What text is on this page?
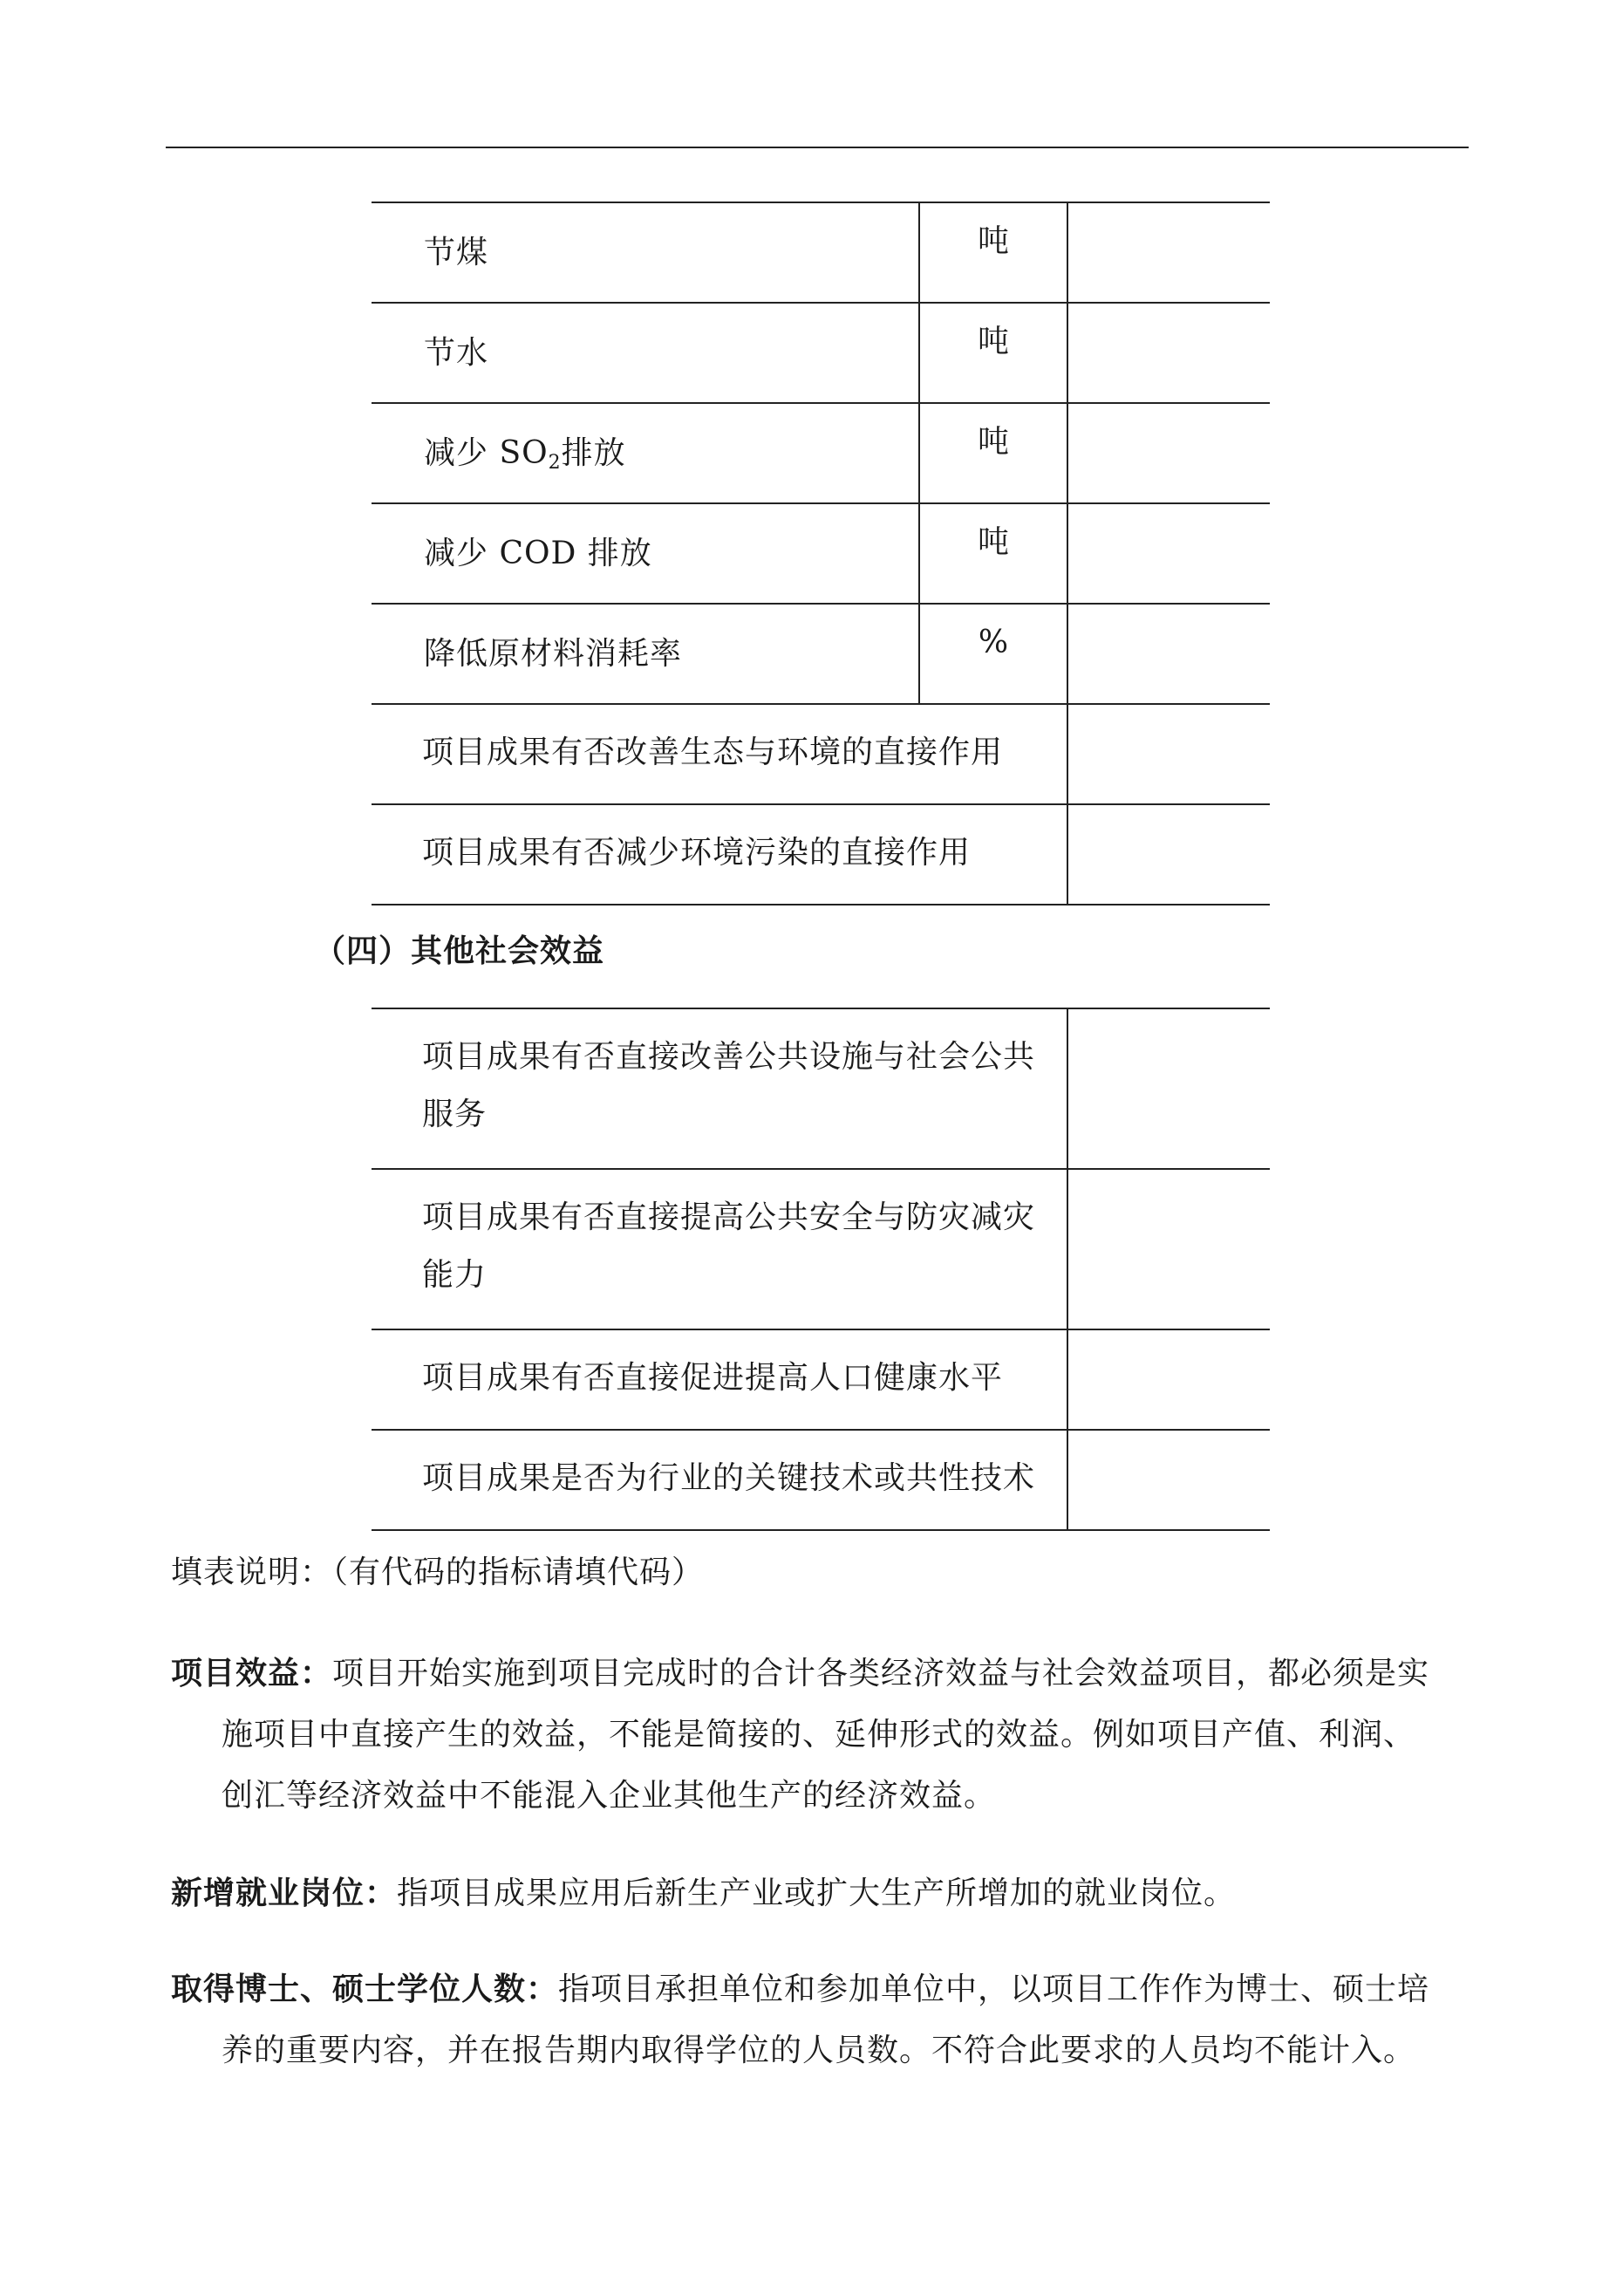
节煤	吨
节水	吨
减少 SO2排放	吨
减少 COD 排放	吨
降低原材料消耗率	%
项目成果有否改善生态与环境的直接作用
项目成果有否减少环境污染的直接作用
（四）其他社会效益
项目成果有否直接改善公共设施与社会公共
服务
项目成果有否直接提高公共安全与防灾减灾
能力
项目成果有否直接促进提高人口健康水平
项目成果是否为行业的关键技术或共性技术
填表说明：（有代码的指标请填代码）
项目效益：项目开始实施到项目完成时的合计各类经济效益与社会效益项目，都必须是实
施项目中直接产生的效益，不能是简接的、延伸形式的效益。例如项目产值、利润、
创汇等经济效益中不能混入企业其他生产的经济效益。
新增就业岗位：指项目成果应用后新生产业或扩大生产所增加的就业岗位。
取得博士、硕士学位人数：指项目承担单位和参加单位中，以项目工作作为博士、硕士培
养的重要内容，并在报告期内取得学位的人员数。不符合此要求的人员均不能计入。
